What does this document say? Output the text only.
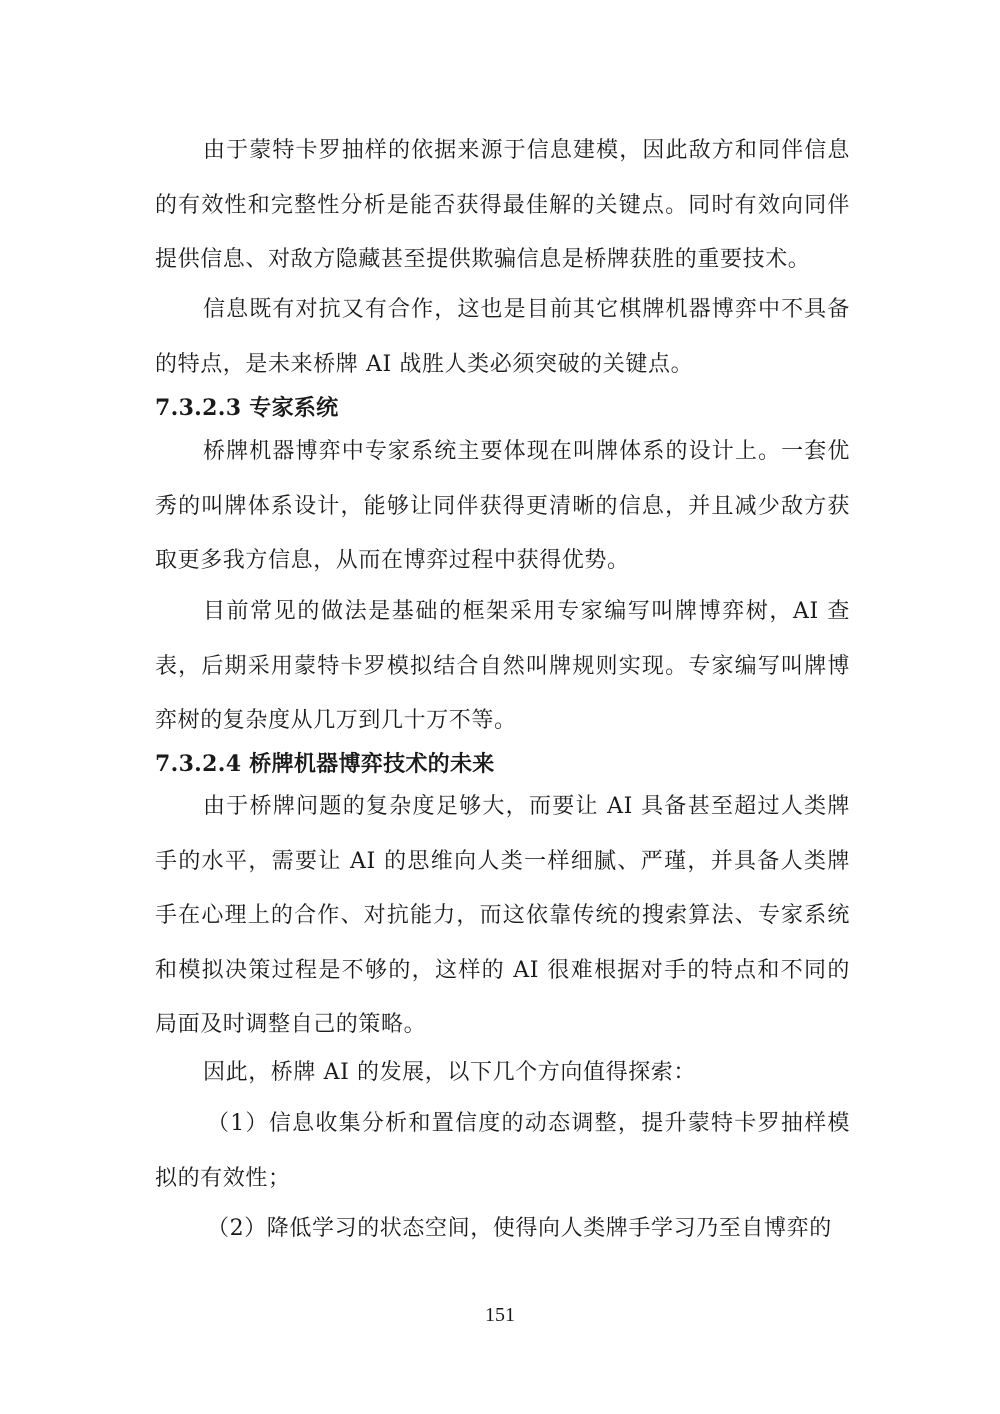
由于蒙特卡罗抽样的依据来源于信息建模，因此敌方和同伴信息的有效性和完整性分析是能否获得最佳解的关键点。同时有效向同伴提供信息、对敌方隐藏甚至提供欺骗信息是桥牌获胜的重要技术。

信息既有对抗又有合作，这也是目前其它棋牌机器博弈中不具备的特点，是未来桥牌 AI 战胜人类必须突破的关键点。

7.3.2.3 专家系统

桥牌机器博弈中专家系统主要体现在叫牌体系的设计上。一套优秀的叫牌体系设计，能够让同伴获得更清晰的信息，并且减少敌方获取更多我方信息，从而在博弈过程中获得优势。

目前常见的做法是基础的框架采用专家编写叫牌博弈树，AI 查表，后期采用蒙特卡罗模拟结合自然叫牌规则实现。专家编写叫牌博弈树的复杂度从几万到几十万不等。

7.3.2.4 桥牌机器博弈技术的未来

由于桥牌问题的复杂度足够大，而要让 AI 具备甚至超过人类牌手的水平，需要让 AI 的思维向人类一样细腻、严瑾，并具备人类牌手在心理上的合作、对抗能力，而这依靠传统的搜索算法、专家系统和模拟决策过程是不够的，这样的 AI 很难根据对手的特点和不同的局面及时调整自己的策略。

因此，桥牌 AI 的发展，以下几个方向值得探索：

（1）信息收集分析和置信度的动态调整，提升蒙特卡罗抽样模拟的有效性；

（2）降低学习的状态空间，使得向人类牌手学习乃至自博弈的

151
